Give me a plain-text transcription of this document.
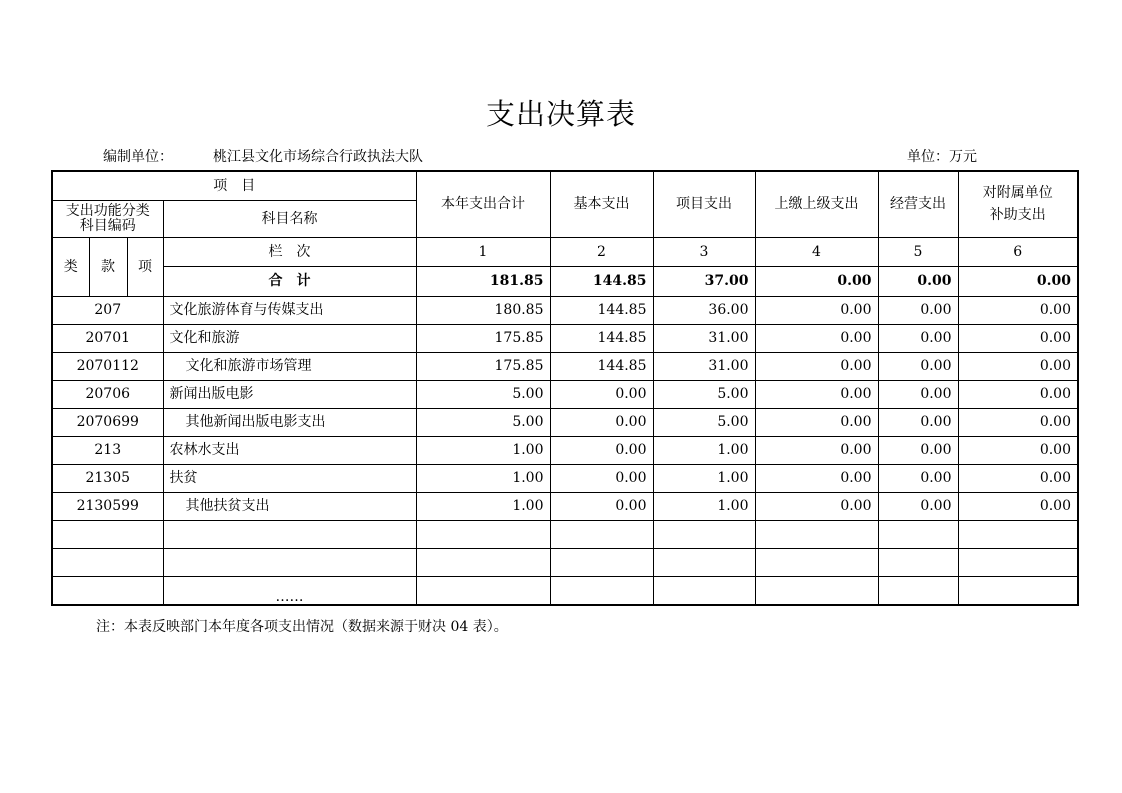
支出决算表
编制单位：	桃江县文化市场综合行政执法大队	单位：万元
项　目				本年支出合计	基本支出	项目支出	上缴上级支出	经营支出	对附属单位
补助支出
支出功能分类
科目编码			科目名称						
类	款	项	栏　次	1	2	3	4	5	6
			合　计	181.85	144.85	37.00	0.00	0.00	0.00
207			文化旅游体育与传媒支出	180.85	144.85	36.00	0.00	0.00	0.00
20701			文化和旅游	175.85	144.85	31.00	0.00	0.00	0.00
2070112			文化和旅游市场管理	175.85	144.85	31.00	0.00	0.00	0.00
20706			新闻出版电影	5.00	0.00	5.00	0.00	0.00	0.00
2070699			其他新闻出版电影支出	5.00	0.00	5.00	0.00	0.00	0.00
213			农林水支出	1.00	0.00	1.00	0.00	0.00	0.00
21305			扶贫	1.00	0.00	1.00	0.00	0.00	0.00
2130599			其他扶贫支出	1.00	0.00	1.00	0.00	0.00	0.00

			……						
注：本表反映部门本年度各项支出情况（数据来源于财决 04 表）。
